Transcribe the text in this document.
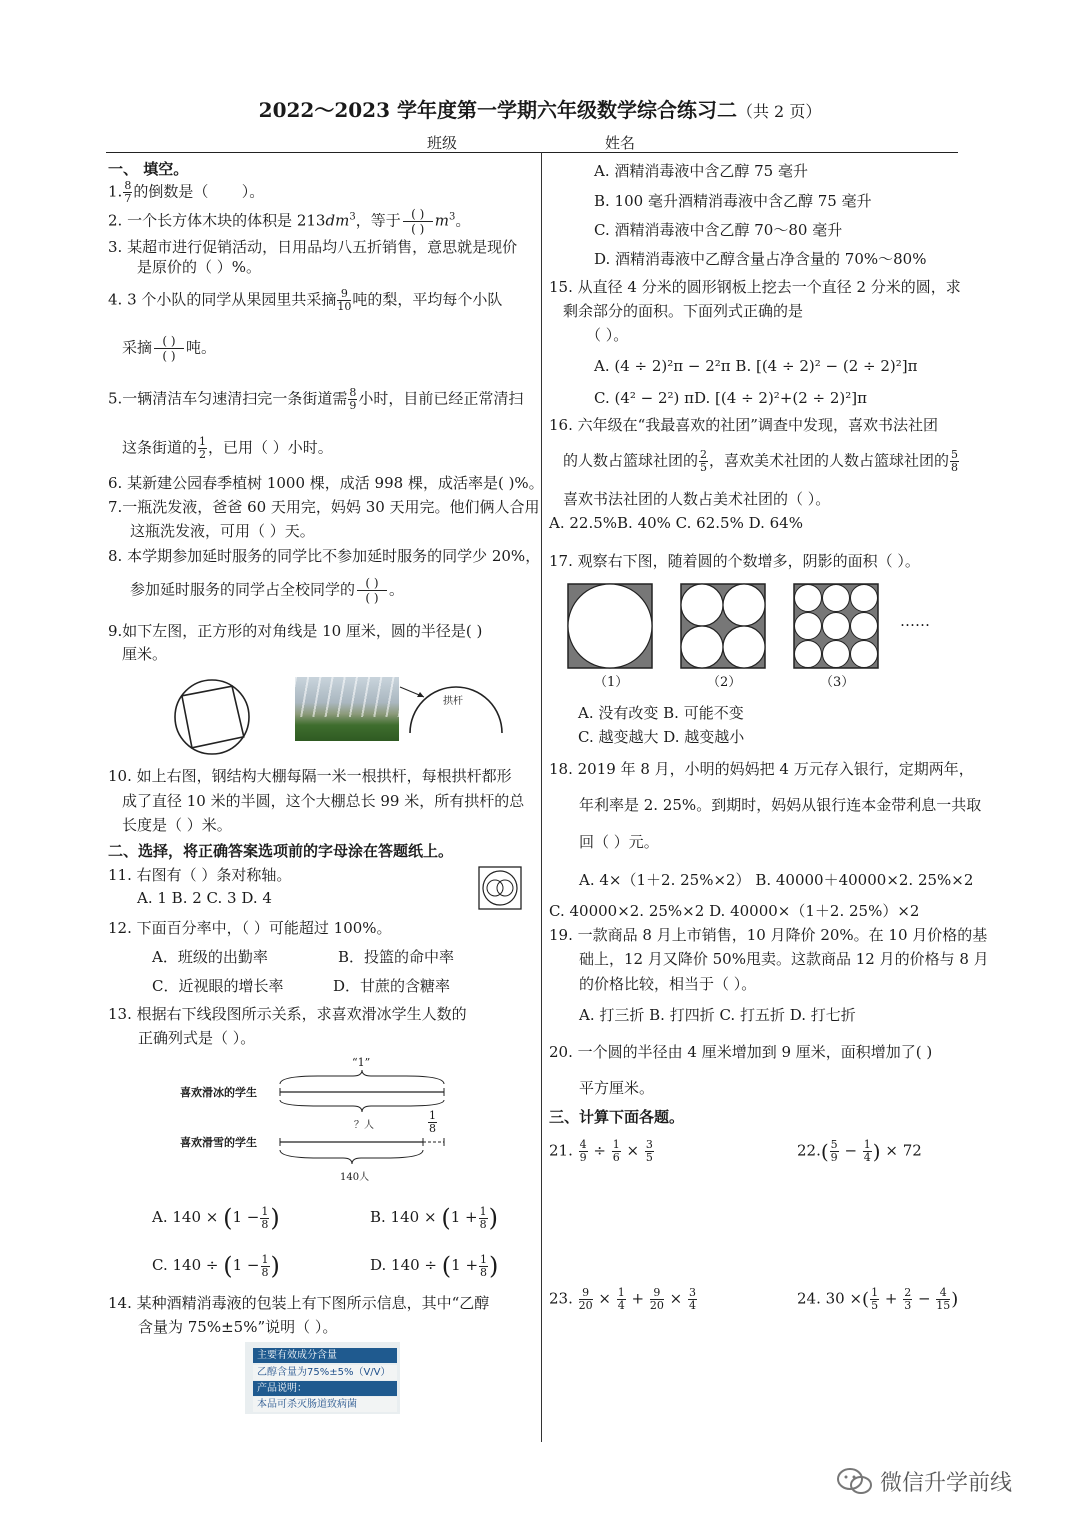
2022～2023 学年度第一学期六年级数学综合练习二（共 2 页）
班级	姓名
一、 填空。
1. $\frac{8}{7}$ 的倒数是（ ）。
2. 一个长方体木块的体积是 $213dm^3$，等于 ( )
( ) $m^3$。
3. 某超市进行促销活动，日用品均八五折销售，意思就是现价
是原价的（ ）%。
4. 3 个小队的同学从果园里共采摘 $\frac{9}{10}$ 吨的梨，平均每个小队
采摘 ( )
( ) 吨。
5.一辆清洁车匀速清扫完一条街道需 $\frac{8}{9}$ 小时，目前已经正常清扫
这条街道的 $\frac{1}{2}$ ，已用（ ）小时。
6. 某新建公园春季植树 1000 棵，成活 998 棵，成活率是( )%。
7.一瓶洗发液，爸爸 60 天用完，妈妈 30 天用完。他们俩人合用
这瓶洗发液，可用（ ）天。
8. 本学期参加延时服务的同学比不参加延时服务的同学少 20%，
参加延时服务的同学占全校同学的 ( )
( ) 。
9.如下左图，正方形的对角线是 10 厘米，圆的半径是( )
厘米。
拱杆
10. 如上右图，钢结构大棚每隔一米一根拱杆，每根拱杆都形
成了直径 10 米的半圆，这个大棚总长 99 米，所有拱杆的总
长度是（ ）米。
二、选择，将正确答案选项前的字母涂在答题纸上。
11. 右图有（ ）条对称轴。
A. 1 B. 2 C. 3 D. 4
12. 下面百分率中，（ ）可能超过 100%。
A．班级的出勤率	B．投篮的命中率
C．近视眼的增长率	D．甘蔗的含糖率
13. 根据右下线段图所示关系，求喜欢滑冰学生人数的
正确列式是（ ）。
“1”
喜欢滑冰的学生
喜欢滑雪的学生
？人	$\frac{1}{8}$
140人
A. $140 \times (1 - \frac{1}{8}$ )	B. $140 \times (1 + \frac{1}{8}$ )
C. $140 \div (1 - \frac{1}{8}$ )	D. $140 \div (1 + \frac{1}{8}$ )
14. 某种酒精消毒液的包装上有下图所示信息，其中“乙醇
含量为 75%±5%”说明（ ）。
主要有效成分含量
乙醇含量为75%±5%（V/V）
产品说明：
本品可杀灭肠道致病菌
A. 酒精消毒液中含乙醇 75 毫升
B. 100 毫升酒精消毒液中含乙醇 75 毫升
C. 酒精消毒液中含乙醇 70～80 毫升
D. 酒精消毒液中乙醇含量占净含量的 70%～80%
15. 从直径 4 分米的圆形钢板上挖去一个直径 2 分米的圆，求
剩余部分的面积。下面列式正确的是
（ ）。
A. (4 ÷ 2)²π − 2²π B. [(4 ÷ 2)² − (2 ÷ 2)²]π
C. (4² − 2²) πD. [(4 ÷ 2)²+(2 ÷ 2)²]π
16. 六年级在“我最喜欢的社团”调查中发现，喜欢书法社团
的人数占篮球社团的 $\frac{2}{5}$ ，喜欢美术社团的人数占篮球社团的 $\frac{5}{8}$
喜欢书法社团的人数占美术社团的（ ）。
A. 22.5%B. 40% C. 62.5% D. 64%
17. 观察右下图，随着圆的个数增多，阴影的面积（ ）。
……
（1）	（2）	（3）
A. 没有改变 B. 可能不变
C. 越变越大 D. 越变越小
18. 2019 年 8 月，小明的妈妈把 4 万元存入银行，定期两年，
年利率是 2. 25%。到期时，妈妈从银行连本金带利息一共取
回（ ）元。
A. 4×（1＋2. 25%×2） B. 40000＋40000×2. 25%×2
C. 40000×2. 25%×2 D. 40000×（1＋2. 25%）×2
19. 一款商品 8 月上市销售，10 月降价 20%。在 10 月价格的基
础上，12 月又降价 50%甩卖。这款商品 12 月的价格与 8 月
的价格比较，相当于（ ）。
A. 打三折 B. 打四折 C. 打五折 D. 打七折
20. 一个圆的半径由 4 厘米增加到 9 厘米，面积增加了( )
平方厘米。
三、计算下面各题。
21. $\frac{4}{9} \div \frac{1}{6} \times \frac{3}{5}$	$22.( \frac{5}{9} - \frac{1}{4}$ ) × 72
23. $\frac{9}{20} \times \frac{1}{4} + \frac{9}{20} \times \frac{3}{4}$	24. 30 ×( $\frac{1}{5} + \frac{2}{3} - \frac{4}{15}$ )
微信升学前线
